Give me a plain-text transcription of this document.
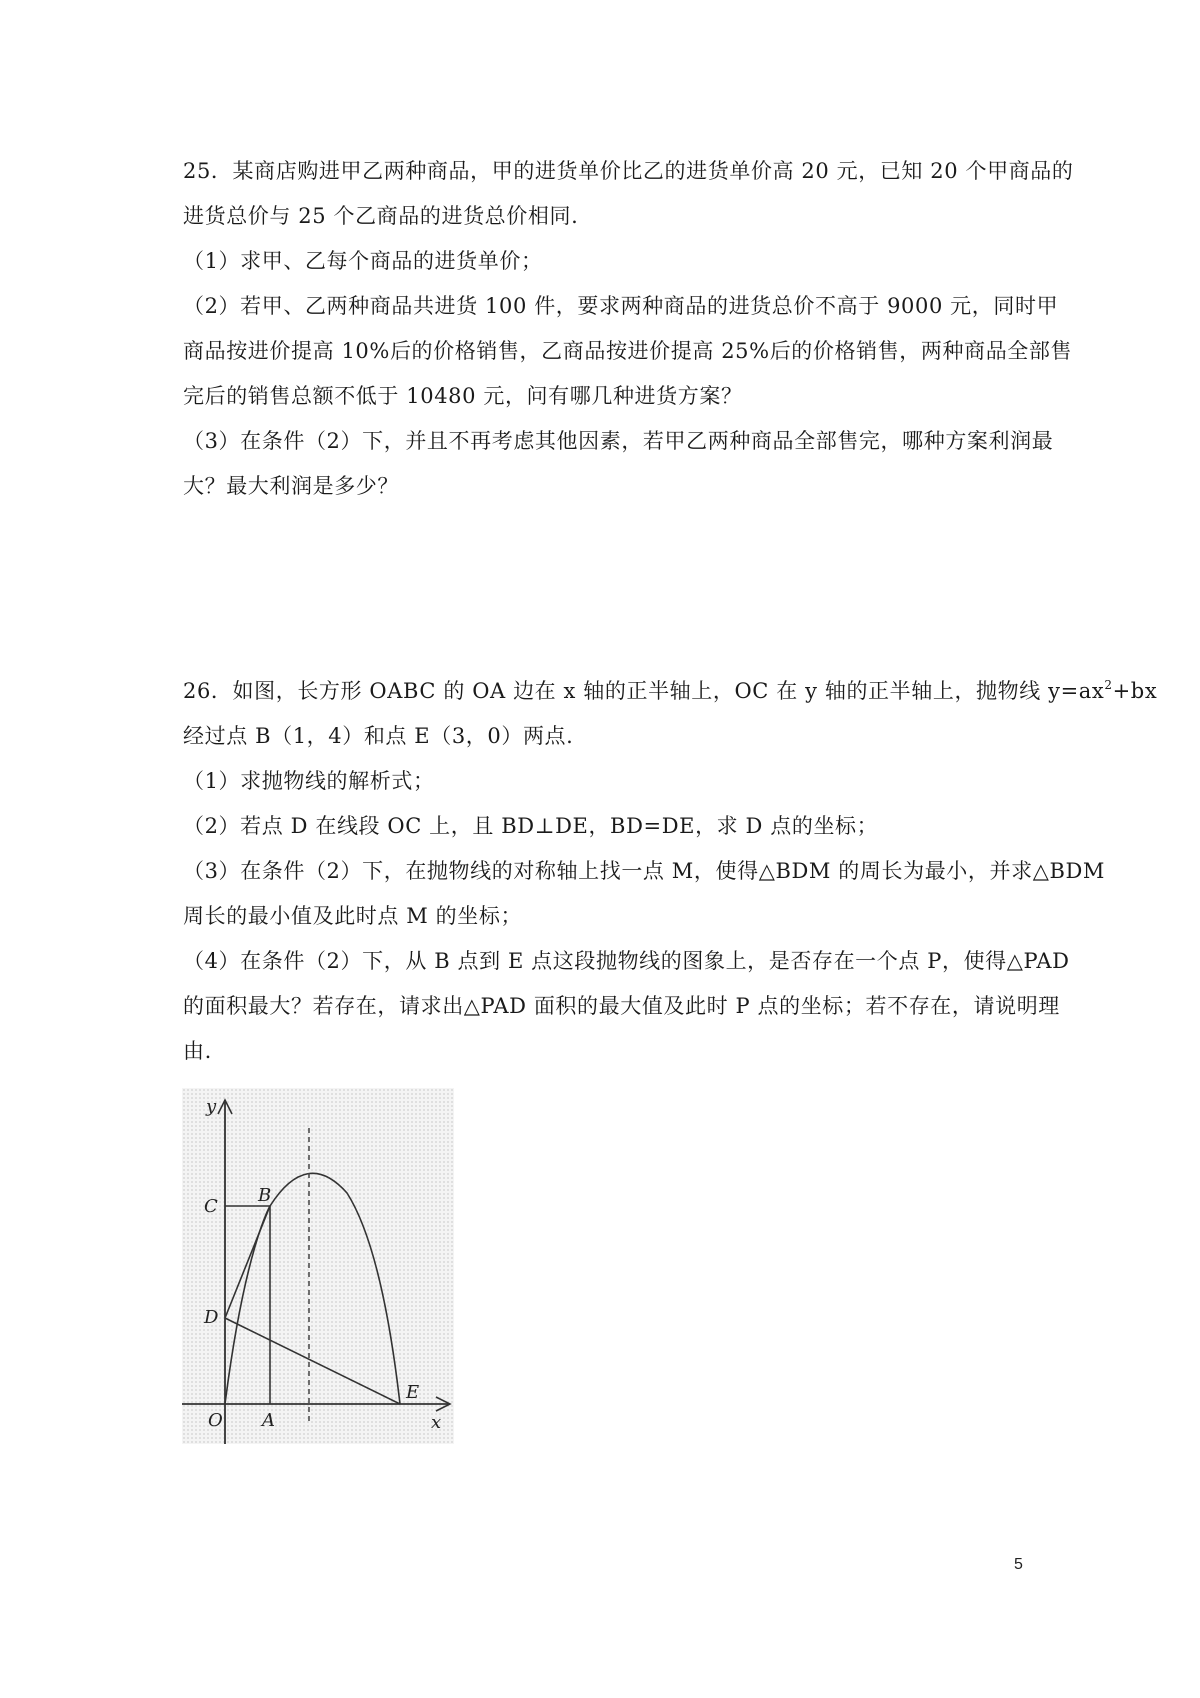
25．某商店购进甲乙两种商品，甲的进货单价比乙的进货单价高 20 元，已知 20 个甲商品的
进货总价与 25 个乙商品的进货总价相同.
（1）求甲、乙每个商品的进货单价；
（2）若甲、乙两种商品共进货 100 件，要求两种商品的进货总价不高于 9000 元，同时甲
商品按进价提高 10%后的价格销售，乙商品按进价提高 25%后的价格销售，两种商品全部售
完后的销售总额不低于 10480 元，问有哪几种进货方案？
（3）在条件（2）下，并且不再考虑其他因素，若甲乙两种商品全部售完，哪种方案利润最
大？最大利润是多少？
26．如图，长方形 OABC 的 OA 边在 x 轴的正半轴上，OC 在 y 轴的正半轴上，抛物线 $y=ax^2+bx$
经过点 B（1，4）和点 E（3，0）两点.
（1）求抛物线的解析式；
（2）若点 D 在线段 OC 上，且 BD⊥DE，BD=DE，求 D 点的坐标；
（3）在条件（2）下，在抛物线的对称轴上找一点 M，使得△BDM 的周长为最小，并求△BDM
周长的最小值及此时点 M 的坐标；
（4）在条件（2）下，从 B 点到 E 点这段抛物线的图象上，是否存在一个点 P，使得△PAD
的面积最大？若存在，请求出△PAD 面积的最大值及此时 P 点的坐标；若不存在，请说明理
由.
y
x
O A
B
C
D
E
5
